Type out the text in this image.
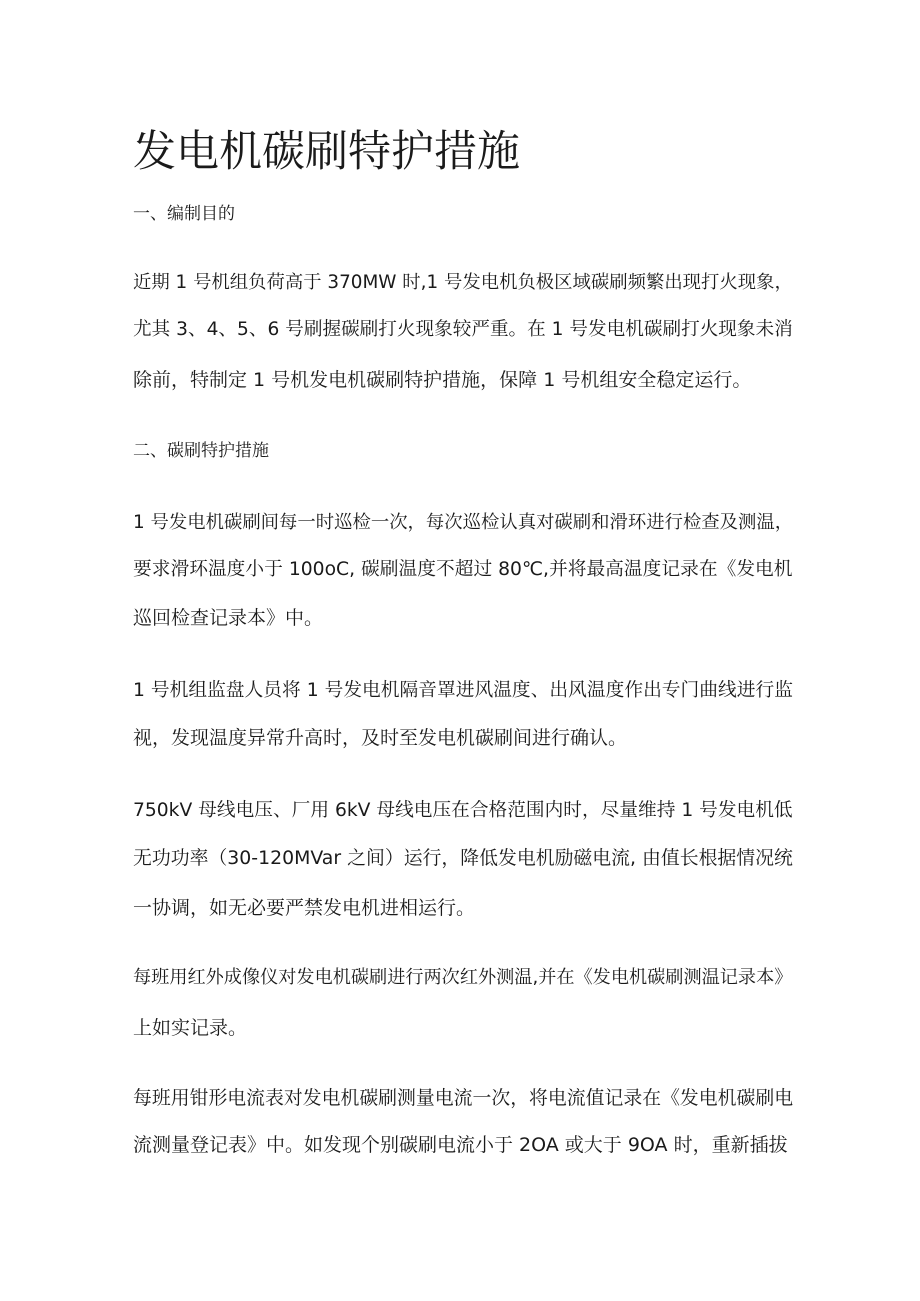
发电机碳刷特护措施

一、编制目的

近期 1 号机组负荷高于 370MW 时,1 号发电机负极区域碳刷频繁出现打火现象，

尤其 3、4、5、6 号刷握碳刷打火现象较严重。在 1 号发电机碳刷打火现象未消

除前，特制定 1 号机发电机碳刷特护措施，保障 1 号机组安全稳定运行。

二、碳刷特护措施

1 号发电机碳刷间每一时巡检一次，每次巡检认真对碳刷和滑环进行检查及测温，

要求滑环温度小于 100oC, 碳刷温度不超过 80℃,并将最高温度记录在《发电机

巡回检查记录本》中。

1 号机组监盘人员将 1 号发电机隔音罩进风温度、出风温度作出专门曲线进行监

视，发现温度异常升高时，及时至发电机碳刷间进行确认。

750kV 母线电压、厂用 6kV 母线电压在合格范围内时，尽量维持 1 号发电机低

无功功率（30-120MVar 之间）运行，降低发电机励磁电流, 由值长根据情况统

一协调，如无必要严禁发电机进相运行。

每班用红外成像仪对发电机碳刷进行两次红外测温,并在《发电机碳刷测温记录本》

上如实记录。

每班用钳形电流表对发电机碳刷测量电流一次，将电流值记录在《发电机碳刷电

流测量登记表》中。如发现个别碳刷电流小于 2OA 或大于 9OA 时，重新插拔
